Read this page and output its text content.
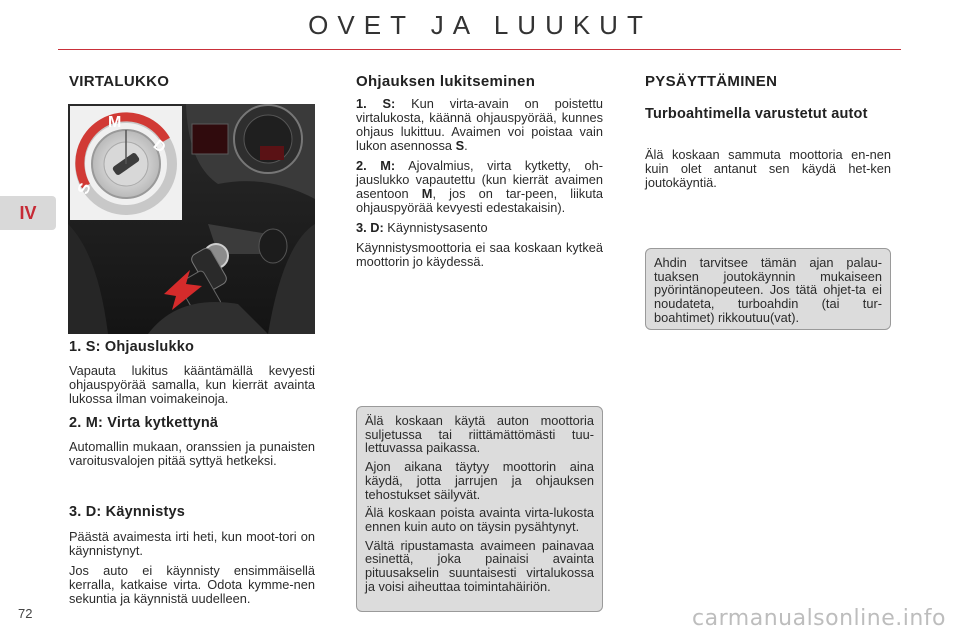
OVET JA LUUKUT
IV
VIRTALUKKO
S
M
D
1. S: Ohjauslukko

Vapauta lukitus kääntämällä kevyesti ohjauspyörää samalla, kun kierrät avainta lukossa ilman voimakeinoja.

2. M: Virta kytkettynä

Automallin mukaan, oranssien ja punaisten varoitusvalojen pitää syttyä hetkeksi.

3. D: Käynnistys

Päästä avaimesta irti heti, kun moot-tori on käynnistynyt.

Jos auto ei käynnisty ensimmäisellä kerralla, katkaise virta. Odota kymme-nen sekuntia ja käynnistä uudelleen.

Ohjauksen lukitseminen

1. S: Kun virta-avain on poistettu virtalukosta, käännä ohjauspyörää, kunnes ohjaus lukittuu. Avaimen voi poistaa vain lukon asennossa S.

2. M: Ajovalmius, virta kytketty, oh-jauslukko vapautettu (kun kierrät avaimen asentoon M, jos on tar-peen, liikuta ohjauspyörää kevyesti edestakaisin).

3. D: Käynnistysasento

Käynnistysmoottoria ei saa koskaan kytkeä moottorin jo käydessä.

Älä koskaan käytä auton moottoria suljetussa tai riittämättömästi tuu-lettuvassa paikassa.

Ajon aikana täytyy moottorin aina käydä, jotta jarrujen ja ohjauksen tehostukset säilyvät.

Älä koskaan poista avainta virta-lukosta ennen kuin auto on täysin pysähtynyt.

Vältä ripustamasta avaimeen painavaa esinettä, joka painaisi avainta pituusakselin suuntaisesti virtalukossa ja voisi aiheuttaa toimintahäiriön.

PYSÄYTTÄMINEN
Turboahtimella varustetut autot

Älä koskaan sammuta moottoria en-nen kuin olet antanut sen käydä het-ken joutokäyntiä.

Ahdin tarvitsee tämän ajan palau-tuaksen joutokäynnin mukaiseen pyörintänopeuteen. Jos tätä ohjet-ta ei noudateta, turboahdin (tai tur-boahtimet) rikkoutuu(vat).

72	carmanualsonline.info
